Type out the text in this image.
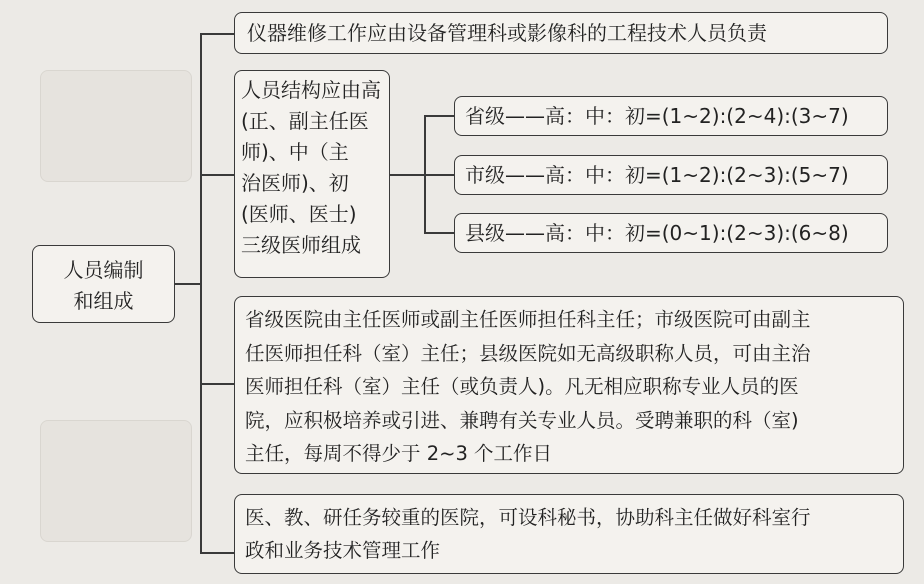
人员编制
和组成
仪器维修工作应由设备管理科或影像科的工程技术人员负责
人员结构应由高
(正、副主任医
师)、中（主
治医师)、初
(医师、医士)
三级医师组成
省级——高：中：初=(1~2):(2~4):(3~7)
市级——高：中：初=(1~2):(2~3):(5~7)
县级——高：中：初=(0~1):(2~3):(6~8)
省级医院由主任医师或副主任医师担任科主任；市级医院可由副主
任医师担任科（室）主任；县级医院如无高级职称人员，可由主治
医师担任科（室）主任（或负责人)。凡无相应职称专业人员的医
院，应积极培养或引进、兼聘有关专业人员。受聘兼职的科（室)
主任，每周不得少于 2~3 个工作日
医、教、研任务较重的医院，可设科秘书，协助科主任做好科室行
政和业务技术管理工作
